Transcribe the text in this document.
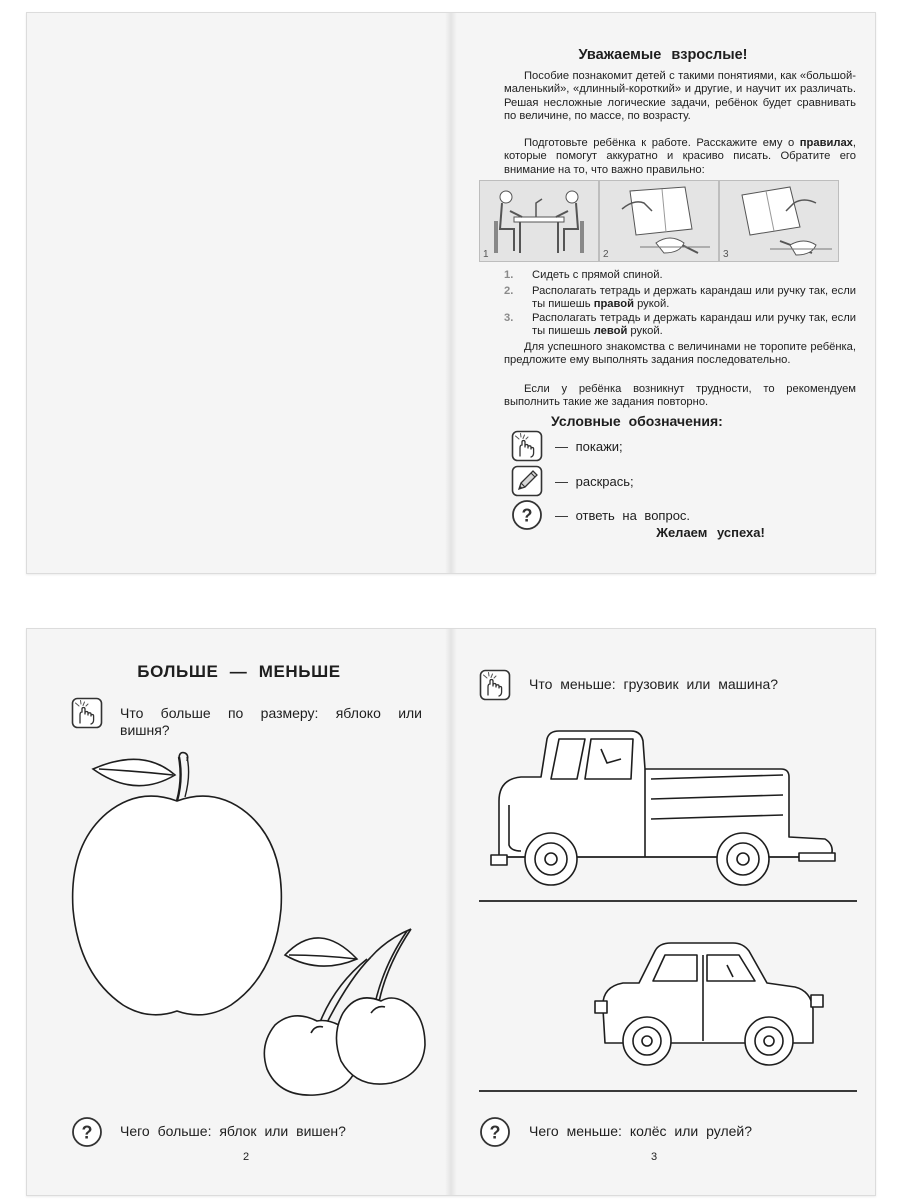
Уважаемые взрослые!

Пособие познакомит детей с такими понятиями, как «большой-маленький», «длинный-короткий» и другие, и научит их различать. Решая несложные логические задачи, ребёнок будет сравнивать по величине, по массе, по возрасту.

Подготовьте ребёнка к работе. Расскажите ему о правилах, которые помогут аккуратно и красиво писать. Обратите его внимание на то, что важно правильно:

1	2	3
1. Сидеть с прямой спиной.
2. Располагать тетрадь и держать карандаш или ручку так, если ты пишешь правой рукой.
3. Располагать тетрадь и держать карандаш или ручку так, если ты пишешь левой рукой.

Для успешного знакомства с величинами не торопите ребёнка, предложите ему выполнять задания последовательно.

Если у ребёнка возникнут трудности, то рекомендуем выполнить такие же задания повторно.

Условные обозначения:
— покажи;
— раскрась;
— ответь на вопрос.
Желаем успеха!
БОЛЬШЕ — МЕНЬШЕ
Что больше по размеру: яблоко или вишня?
Чего больше: яблок или вишен?
2
Что меньше: грузовик или машина?
Чего меньше: колёс или рулей?
3
